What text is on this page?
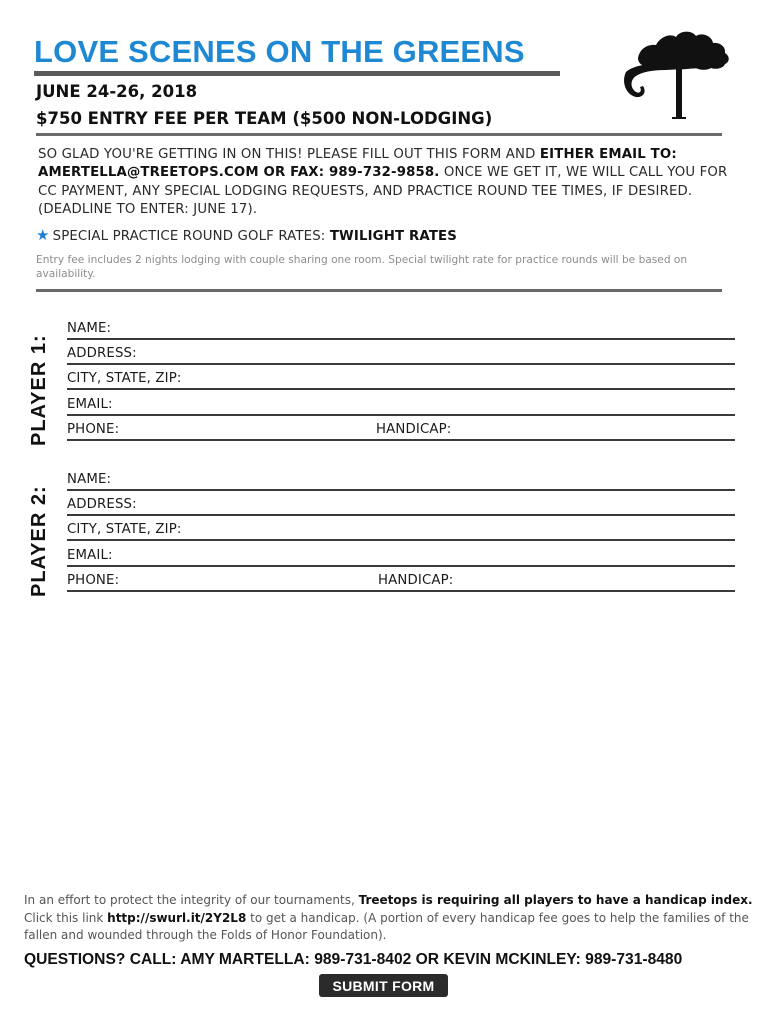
LOVE SCENES ON THE GREENS
JUNE 24-26, 2018
$750 ENTRY FEE PER TEAM ($500 NON-LODGING)
SO GLAD YOU'RE GETTING IN ON THIS! PLEASE FILL OUT THIS FORM AND EITHER EMAIL TO: AMERTELLA@TREETOPS.COM OR FAX: 989-732-9858. ONCE WE GET IT, WE WILL CALL YOU FOR CC PAYMENT, ANY SPECIAL LODGING REQUESTS, AND PRACTICE ROUND TEE TIMES, IF DESIRED. (DEADLINE TO ENTER: JUNE 17).
★ SPECIAL PRACTICE ROUND GOLF RATES: TWILIGHT RATES
Entry fee includes 2 nights lodging with couple sharing one room. Special twilight rate for practice rounds will be based on availability.
PLAYER 1:
NAME:
ADDRESS:
CITY, STATE, ZIP:
EMAIL:
PHONE:	HANDICAP:
PLAYER 2:
NAME:
ADDRESS:
CITY, STATE, ZIP:
EMAIL:
PHONE:	HANDICAP:
In an effort to protect the integrity of our tournaments, Treetops is requiring all players to have a handicap index. Click this link http://swurl.it/2Y2L8 to get a handicap. (A portion of every handicap fee goes to help the families of the fallen and wounded through the Folds of Honor Foundation).
QUESTIONS? CALL: AMY MARTELLA: 989-731-8402 OR KEVIN MCKINLEY: 989-731-8480
SUBMIT FORM
